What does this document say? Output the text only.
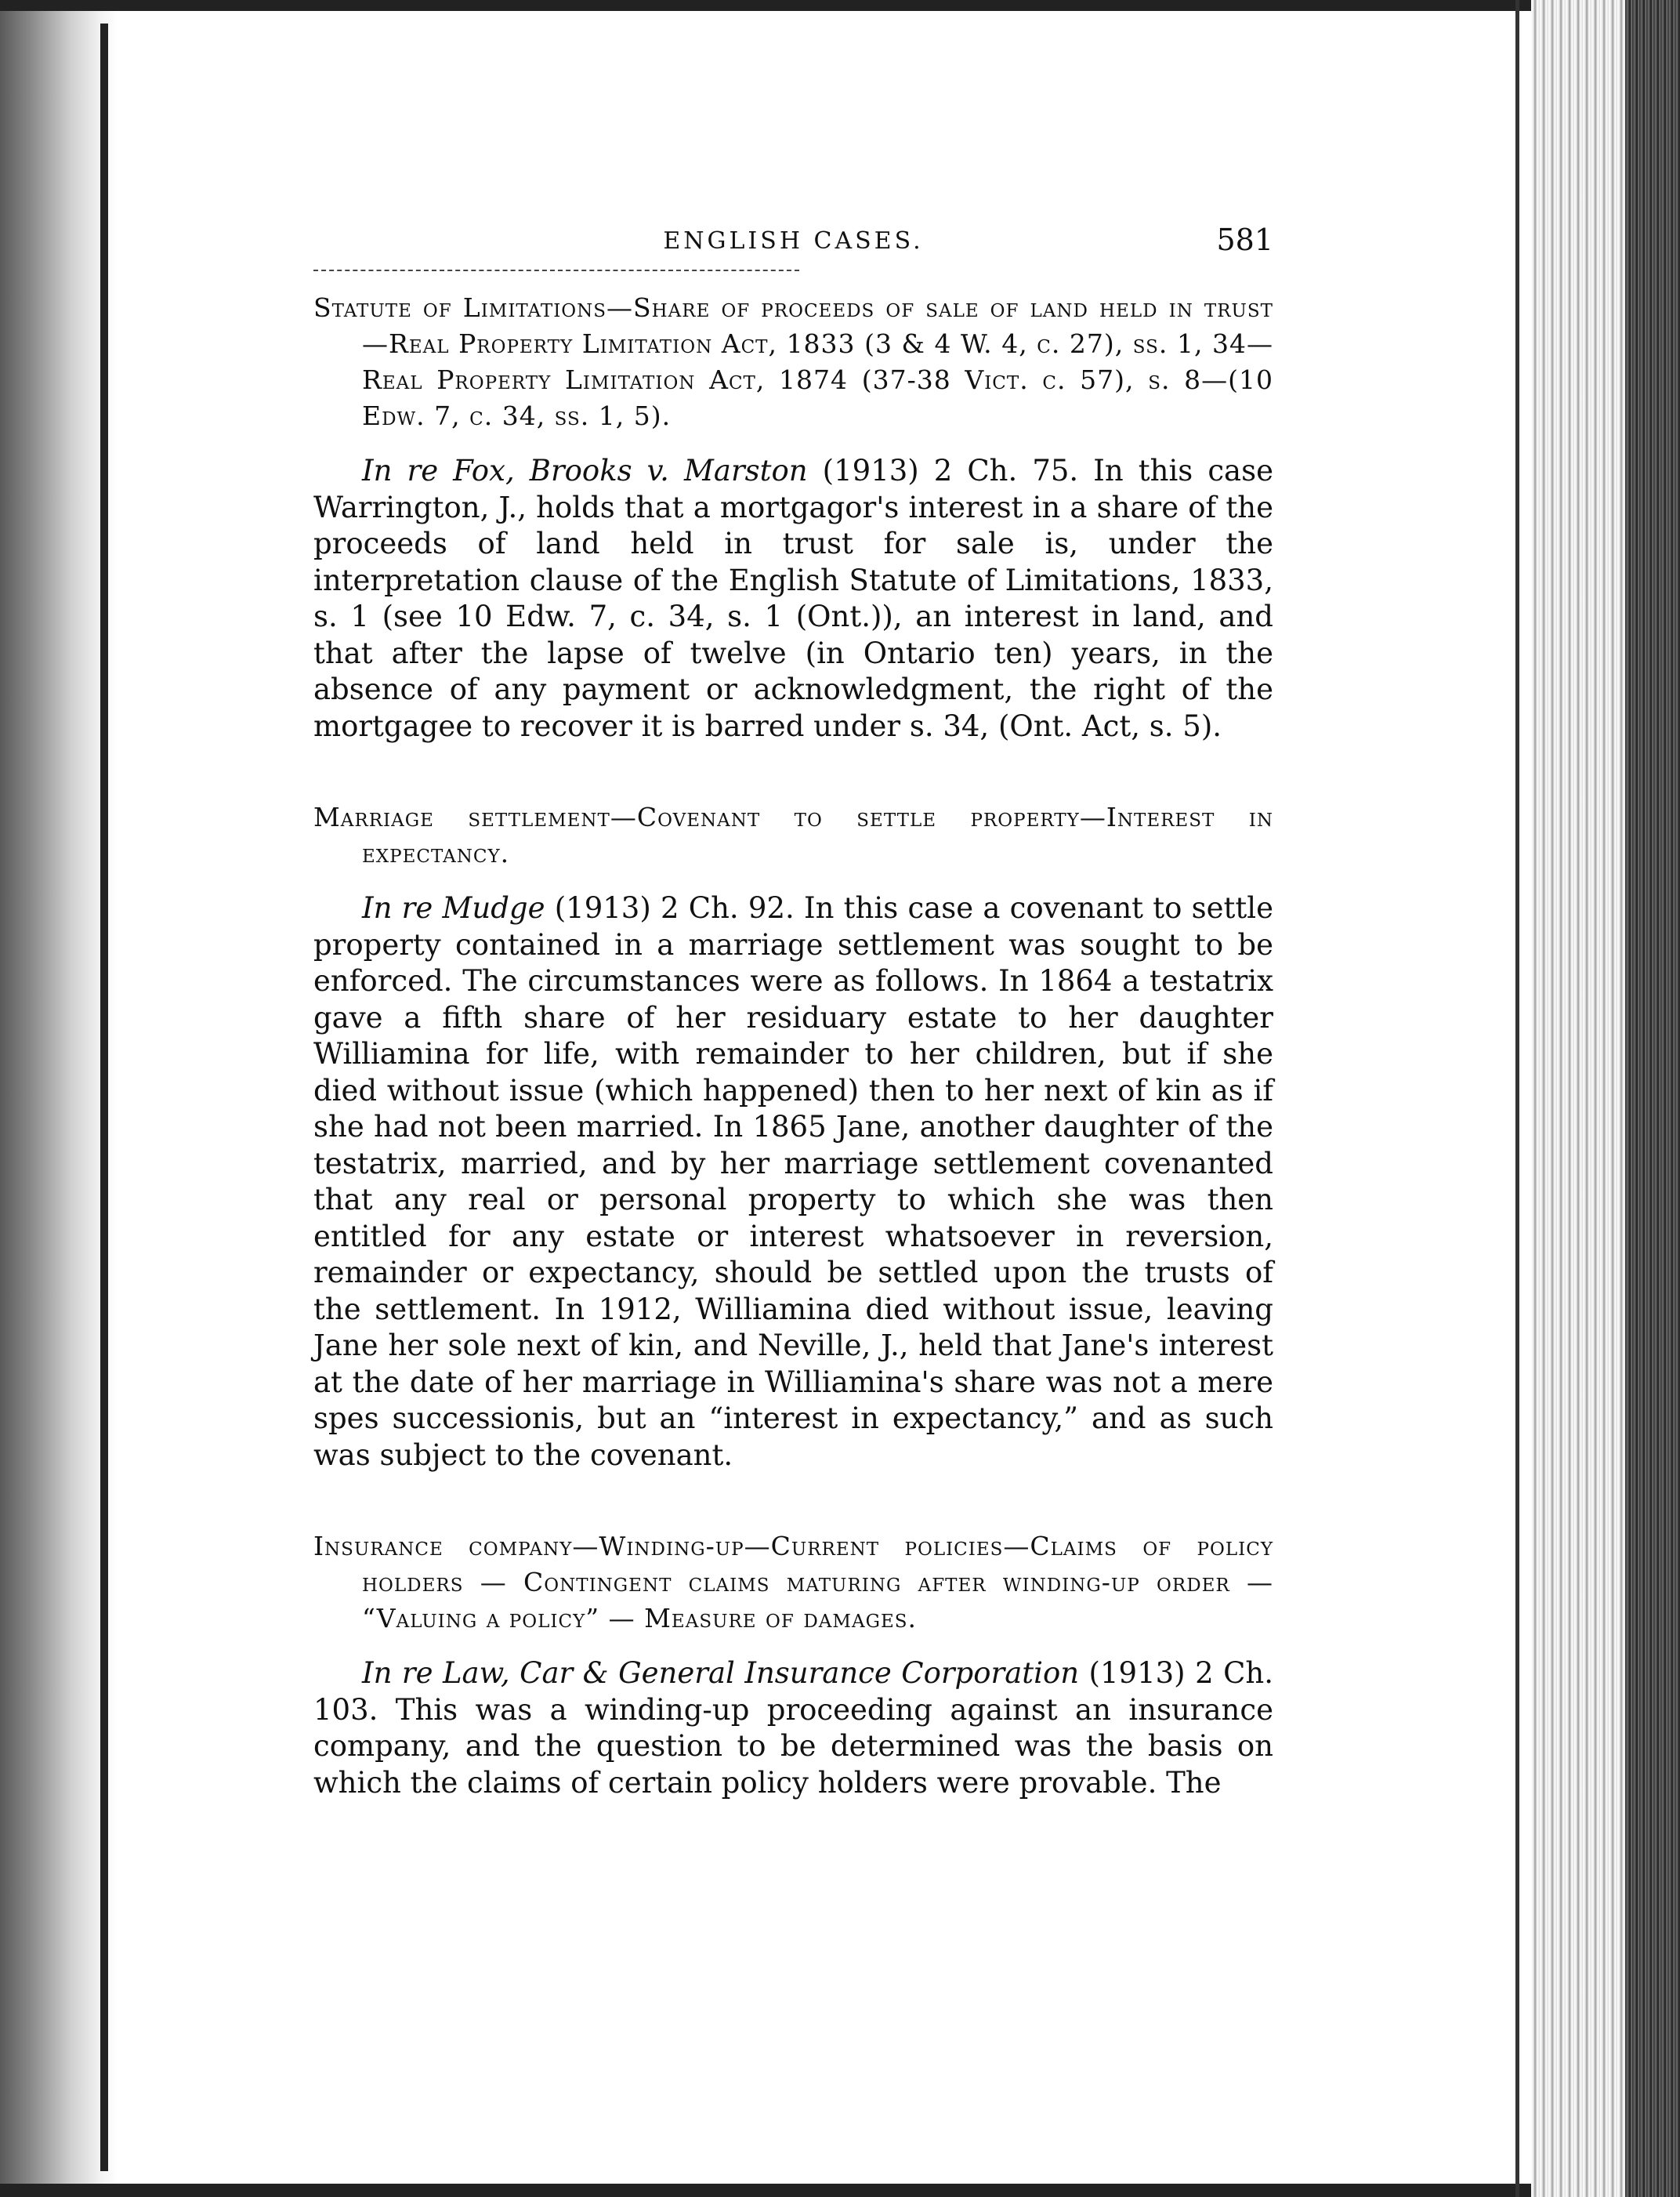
ENGLISH CASES.	581

Statute of Limitations—Share of proceeds of sale of land held in trust—Real Property Limitation Act, 1833 (3 & 4 W. 4, c. 27), ss. 1, 34—Real Property Limitation Act, 1874 (37-38 Vict. c. 57), s. 8—(10 Edw. 7, c. 34, ss. 1, 5).

In re Fox, Brooks v. Marston (1913) 2 Ch. 75. In this case Warrington, J., holds that a mortgagor's interest in a share of the proceeds of land held in trust for sale is, under the interpretation clause of the English Statute of Limitations, 1833, s. 1 (see 10 Edw. 7, c. 34, s. 1 (Ont.)), an interest in land, and that after the lapse of twelve (in Ontario ten) years, in the absence of any payment or acknowledgment, the right of the mortgagee to recover it is barred under s. 34, (Ont. Act, s. 5).

Marriage settlement—Covenant to settle property—Interest in expectancy.

In re Mudge (1913) 2 Ch. 92. In this case a covenant to settle property contained in a marriage settlement was sought to be enforced. The circumstances were as follows. In 1864 a testatrix gave a fifth share of her residuary estate to her daughter Williamina for life, with remainder to her children, but if she died without issue (which happened) then to her next of kin as if she had not been married. In 1865 Jane, another daughter of the testatrix, married, and by her marriage settlement covenanted that any real or personal property to which she was then entitled for any estate or interest whatsoever in reversion, remainder or expectancy, should be settled upon the trusts of the settlement. In 1912, Williamina died without issue, leaving Jane her sole next of kin, and Neville, J., held that Jane's interest at the date of her marriage in Williamina's share was not a mere spes successionis, but an “interest in expectancy,” and as such was subject to the covenant.

Insurance company—Winding-up—Current policies—Claims of policy holders — Contingent claims maturing after winding-up order — “Valuing a policy” — Measure of damages.

In re Law, Car & General Insurance Corporation (1913) 2 Ch. 103. This was a winding-up proceeding against an insurance company, and the question to be determined was the basis on which the claims of certain policy holders were provable. The
